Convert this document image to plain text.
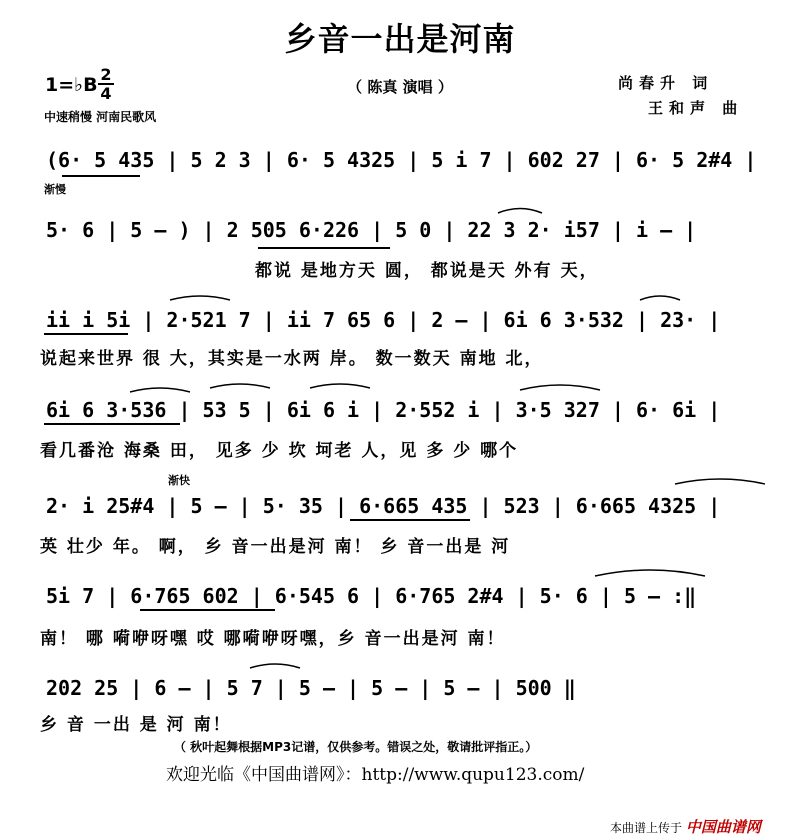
乡音一出是河南
1=♭B 2
4	（ 陈真 演唱 ）	尚春升 词
王和声 曲
中速稍慢 河南民歌风
渐慢
渐快
(6· 5 435 | 5 2 3 | 6· 5 4325 | 5 i 7 | 602 27 | 6· 5 2#4 |
5· 6 | 5 – ) | 2 505 6·226 | 5 0 | 22 3 2· i57 | i – |
都说 是地方天 圆， 都说是天 外有 天，
ii i 5i | 2·521 7 | ii 7 65 6 | 2 – | 6i 6 3·532 | 23· |
说起来世界 很 大，其实是一水两 岸。 数一数天 南地 北，
6i 6 3·536 | 53 5 | 6i 6 i | 2·552 i | 3·5 327 | 6· 6i |
看几番沧 海桑 田， 见多 少 坎 坷老 人，见 多 少 哪个
2· i 25#4 | 5 – | 5· 35 | 6·665 435 | 523 | 6·665 4325 |
英 壮少 年。 啊， 乡 音一出是河 南！ 乡 音一出是 河
5i 7 | 6·765 602 | 6·545 6 | 6·765 2#4 | 5· 6 | 5 – :‖
南！ 哪 嗬咿呀嘿 哎 哪嗬咿呀嘿，乡 音一出是河 南！
202 25 | 6 – | 5 7 | 5 – | 5 – | 5 – | 500 ‖
乡 音 一出 是 河 南！
（ 秋叶起舞根据MP3记谱，仅供参考。错误之处，敬请批评指正。）
欢迎光临《中国曲谱网》：http://www.qupu123.com/
本曲谱上传于 中国曲谱网
